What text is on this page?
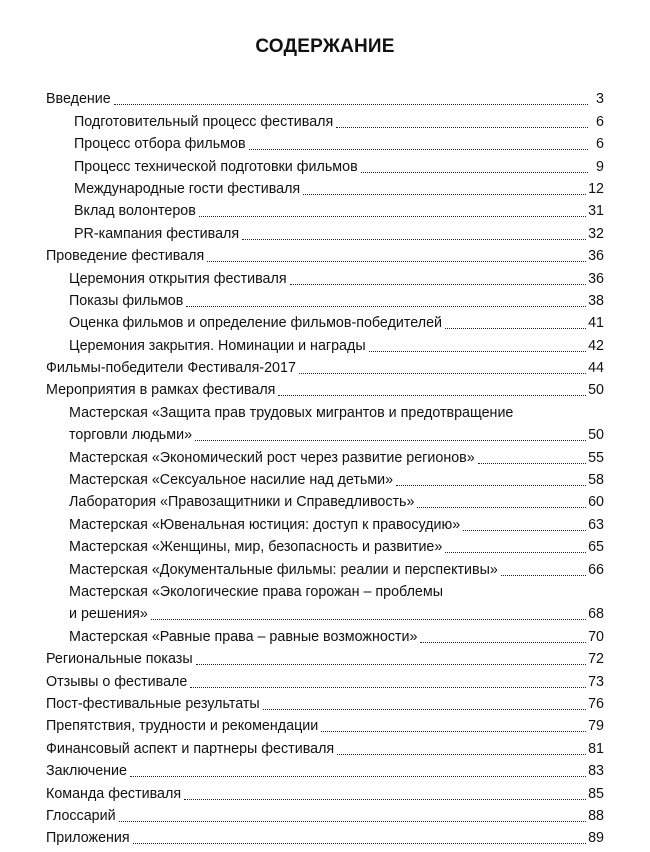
СОДЕРЖАНИЕ
Введение	3
Подготовительный процесс фестиваля	6
Процесс отбора фильмов	6
Процесс технической подготовки фильмов	9
Международные гости фестиваля	12
Вклад волонтеров	31
PR-кампания фестиваля	32
Проведение фестиваля	36
Церемония открытия фестиваля	36
Показы фильмов	38
Оценка фильмов и определение фильмов-победителей	41
Церемония закрытия. Номинации и награды	42
Фильмы-победители Фестиваля-2017	44
Мероприятия в рамках фестиваля	50
Мастерская «Защита прав трудовых мигрантов и предотвращение
торговли людьми»	50
Мастерская «Экономический рост через развитие регионов»	55
Мастерская «Сексуальное насилие над детьми»	58
Лаборатория «Правозащитники и Справедливость»	60
Мастерская «Ювенальная юстиция: доступ к правосудию»	63
Мастерская «Женщины, мир, безопасность и развитие»	65
Мастерская «Документальные фильмы: реалии и перспективы»	66
Мастерская «Экологические права горожан – проблемы
и решения»	68
Мастерская «Равные права – равные возможности»	70
Региональные показы	72
Отзывы о фестивале	73
Пост-фестивальные результаты	76
Препятствия, трудности и рекомендации	79
Финансовый аспект и партнеры фестиваля	81
Заключение	83
Команда фестиваля	85
Глоссарий	88
Приложения	89
